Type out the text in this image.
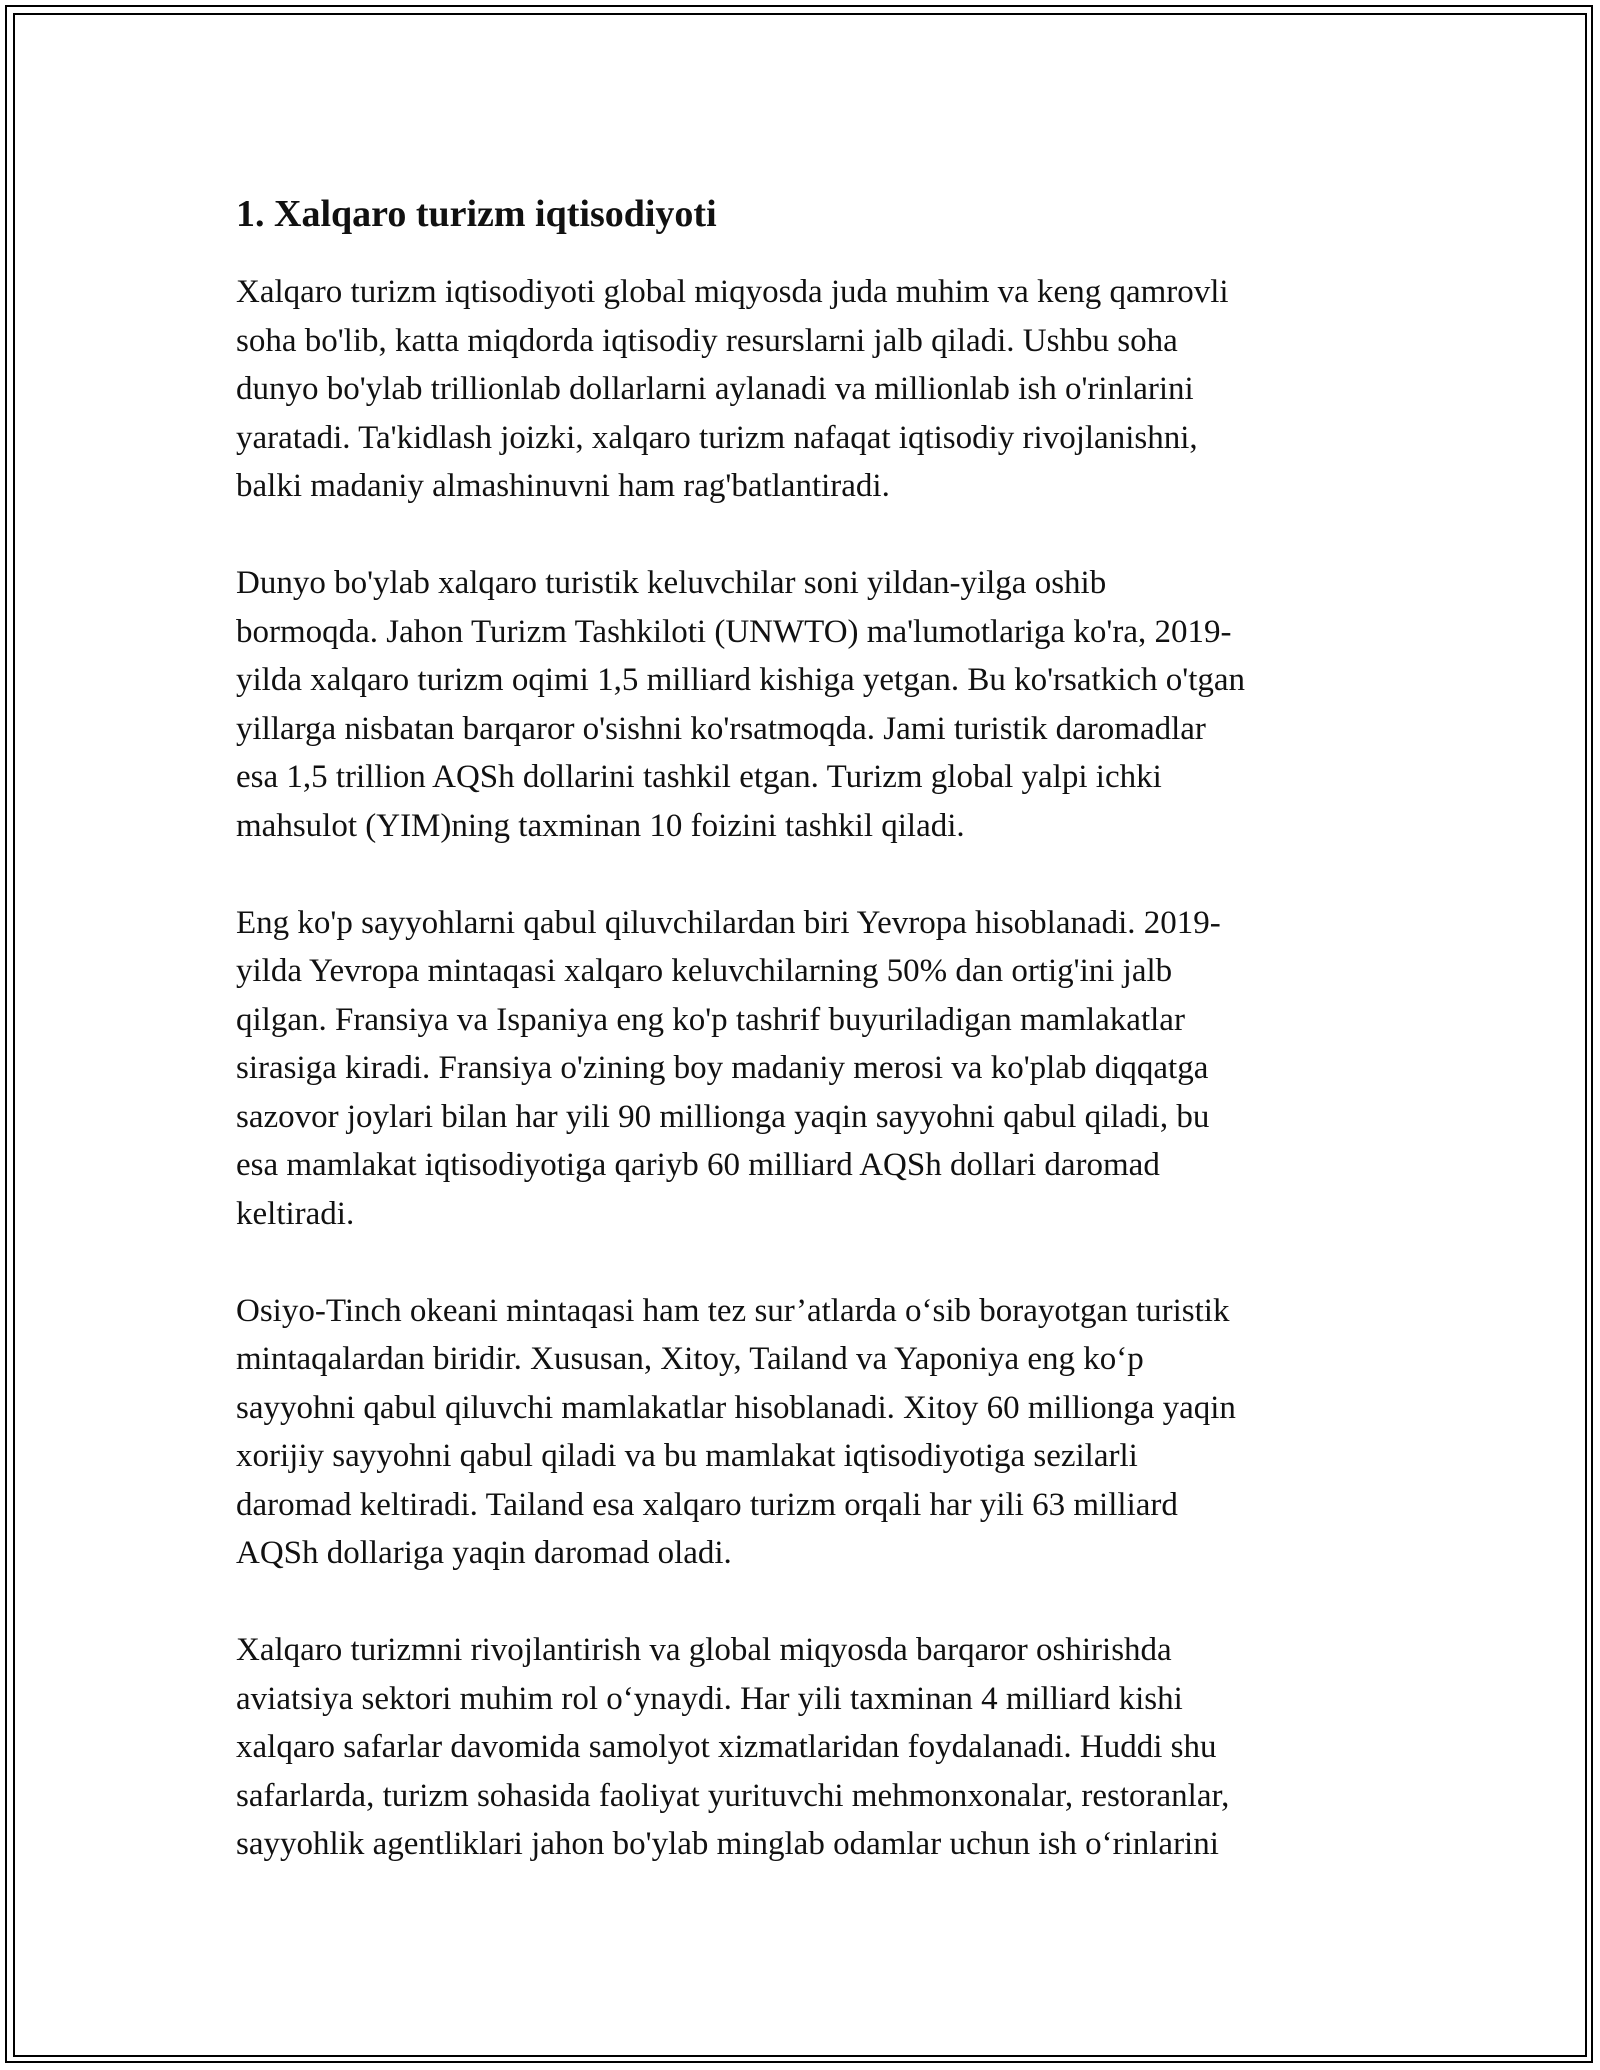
1. Xalqaro turizm iqtisodiyoti

Xalqaro turizm iqtisodiyoti global miqyosda juda muhim va keng qamrovli
soha bo'lib, katta miqdorda iqtisodiy resurslarni jalb qiladi. Ushbu soha
dunyo bo'ylab trillionlab dollarlarni aylanadi va millionlab ish o'rinlarini
yaratadi. Ta'kidlash joizki, xalqaro turizm nafaqat iqtisodiy rivojlanishni,
balki madaniy almashinuvni ham rag'batlantiradi.

Dunyo bo'ylab xalqaro turistik keluvchilar soni yildan-yilga oshib
bormoqda. Jahon Turizm Tashkiloti (UNWTO) ma'lumotlariga ko'ra, 2019-
yilda xalqaro turizm oqimi 1,5 milliard kishiga yetgan. Bu ko'rsatkich o'tgan
yillarga nisbatan barqaror o'sishni ko'rsatmoqda. Jami turistik daromadlar
esa 1,5 trillion AQSh dollarini tashkil etgan. Turizm global yalpi ichki
mahsulot (YIM)ning taxminan 10 foizini tashkil qiladi.

Eng ko'p sayyohlarni qabul qiluvchilardan biri Yevropa hisoblanadi. 2019-
yilda Yevropa mintaqasi xalqaro keluvchilarning 50% dan ortig'ini jalb
qilgan. Fransiya va Ispaniya eng ko'p tashrif buyuriladigan mamlakatlar
sirasiga kiradi. Fransiya o'zining boy madaniy merosi va ko'plab diqqatga
sazovor joylari bilan har yili 90 millionga yaqin sayyohni qabul qiladi, bu
esa mamlakat iqtisodiyotiga qariyb 60 milliard AQSh dollari daromad
keltiradi.

Osiyo-Tinch okeani mintaqasi ham tez sur’atlarda o‘sib borayotgan turistik
mintaqalardan biridir. Xususan, Xitoy, Tailand va Yaponiya eng ko‘p
sayyohni qabul qiluvchi mamlakatlar hisoblanadi. Xitoy 60 millionga yaqin
xorijiy sayyohni qabul qiladi va bu mamlakat iqtisodiyotiga sezilarli
daromad keltiradi. Tailand esa xalqaro turizm orqali har yili 63 milliard
AQSh dollariga yaqin daromad oladi.

Xalqaro turizmni rivojlantirish va global miqyosda barqaror oshirishda
aviatsiya sektori muhim rol o‘ynaydi. Har yili taxminan 4 milliard kishi
xalqaro safarlar davomida samolyot xizmatlaridan foydalanadi. Huddi shu
safarlarda, turizm sohasida faoliyat yurituvchi mehmonxonalar, restoranlar,
sayyohlik agentliklari jahon bo'ylab minglab odamlar uchun ish o‘rinlarini
